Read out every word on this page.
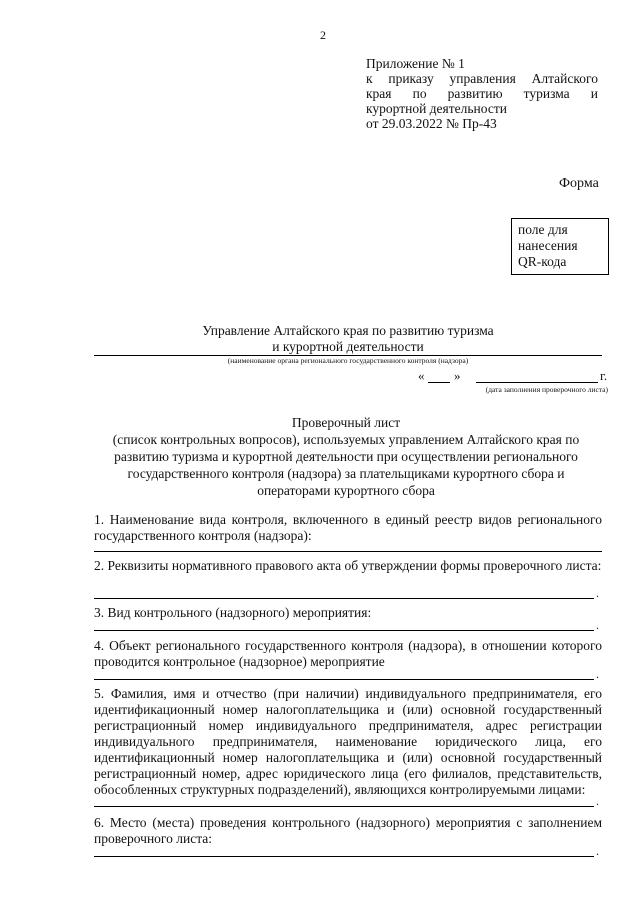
2
Приложение № 1
к приказу управления Алтайского
края по развитию туризма и
курортной деятельности
от 29.03.2022 № Пр-43
Форма
поле для
нанесения
QR-кода
Управление Алтайского края по развитию туризма
и курортной деятельности
(наименование органа регионального государственного контроля (надзора)
« »	г.
(дата заполнения проверочного листа)
Проверочный лист
(список контрольных вопросов), используемых управлением Алтайского края по
развитию туризма и курортной деятельности при осуществлении регионального
государственного контроля (надзора) за плательщиками курортного сбора и
операторами курортного сбора
1. Наименование вида контроля, включенного в единый реестр видов регионального государственного контроля (надзора):
2. Реквизиты нормативного правового акта об утверждении формы проверочного листа:
.
3. Вид контрольного (надзорного) мероприятия:
.
4. Объект регионального государственного контроля (надзора), в отношении которого проводится контрольное (надзорное) мероприятие
.
5. Фамилия, имя и отчество (при наличии) индивидуального предпринимателя, его идентификационный номер налогоплательщика и (или) основной государственный регистрационный номер индивидуального предпринимателя, адрес регистрации индивидуального предпринимателя, наименование юридического лица, его идентификационный номер налогоплательщика и (или) основной государственный регистрационный номер, адрес юридического лица (его филиалов, представительств, обособленных структурных подразделений), являющихся контролируемыми лицами:
.
6. Место (места) проведения контрольного (надзорного) мероприятия с заполнением проверочного листа:
.
